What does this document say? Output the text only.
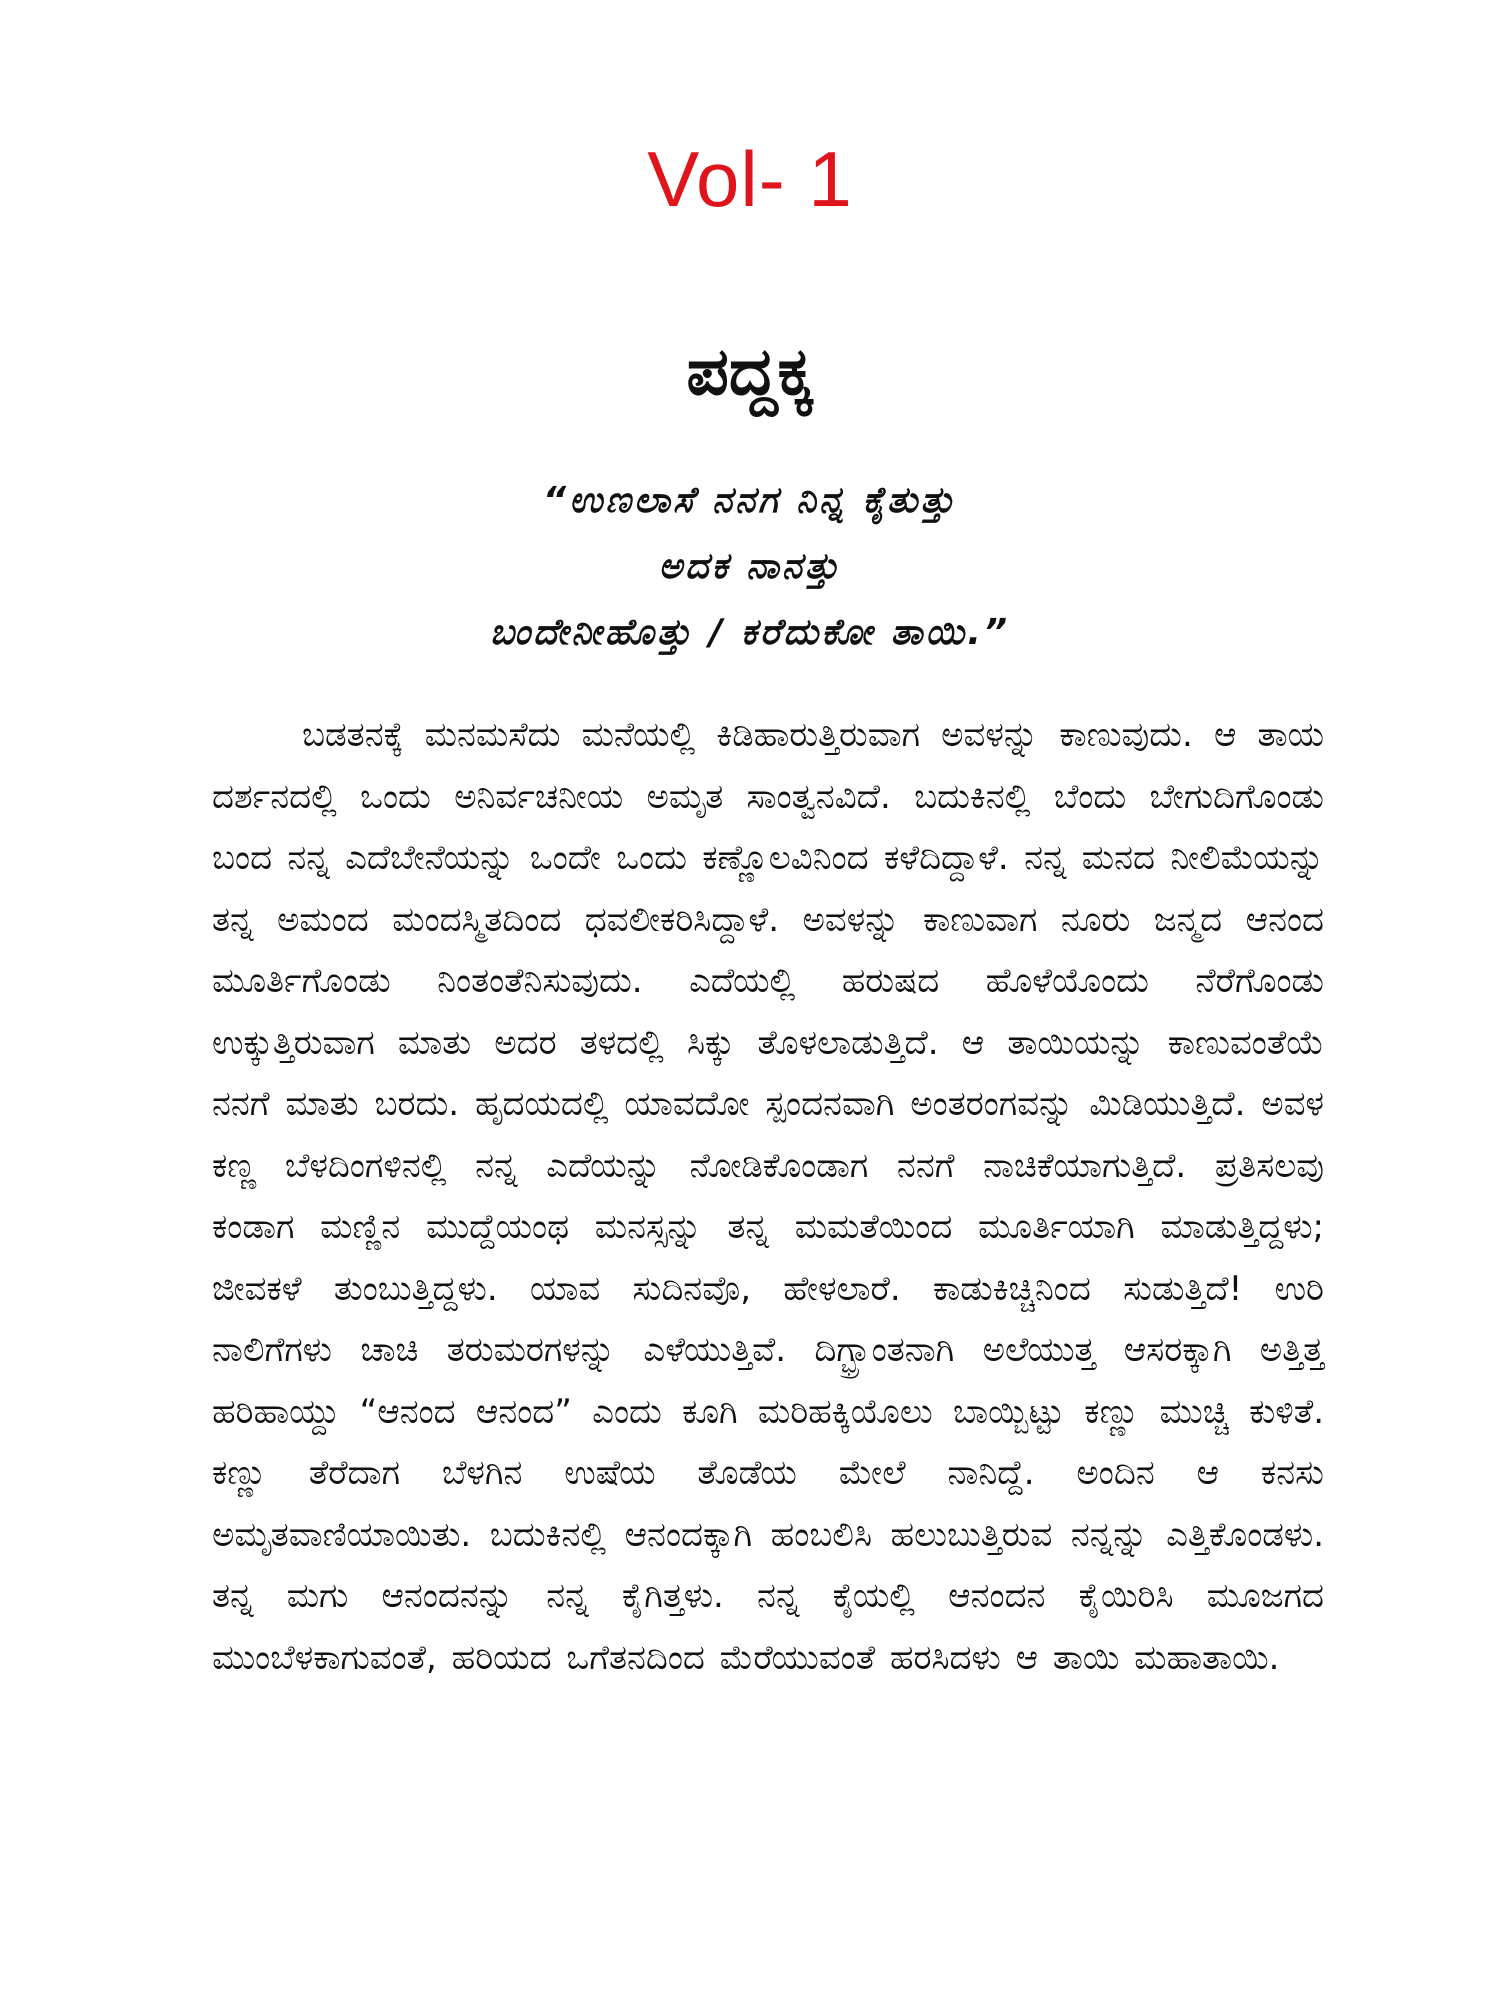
Vol- 1
ಪದ್ದಕ್ಕ
“ಉಣಲಾಸೆ ನನಗ ನಿನ್ನ ಕೈತುತ್ತು
ಅದಕ ನಾನತ್ತು
ಬಂದೇನೀಹೊತ್ತು / ಕರೆದುಕೋ ತಾಯಿ.”

ಬಡತನಕ್ಕೆ ಮನಮಸೆದು ಮನೆಯಲ್ಲಿ ಕಿಡಿಹಾರುತ್ತಿರುವಾಗ ಅವಳನ್ನು ಕಾಣುವುದು. ಆ ತಾಯ ದರ್ಶನದಲ್ಲಿ ಒಂದು ಅನಿರ್ವಚನೀಯ ಅಮೃತ ಸಾಂತ್ವನವಿದೆ. ಬದುಕಿನಲ್ಲಿ ಬೆಂದು ಬೇಗುದಿಗೊಂಡು ಬಂದ ನನ್ನ ಎದೆಬೇನೆಯನ್ನು ಒಂದೇ ಒಂದು ಕಣ್ಣೊಲವಿನಿಂದ ಕಳೆದಿದ್ದಾಳೆ. ನನ್ನ ಮನದ ನೀಲಿಮೆಯನ್ನು ತನ್ನ ಅಮಂದ ಮಂದಸ್ಮಿತದಿಂದ ಧವಲೀಕರಿಸಿದ್ದಾಳೆ. ಅವಳನ್ನು ಕಾಣುವಾಗ ನೂರು ಜನ್ಮದ ಆನಂದ ಮೂರ್ತಿಗೊಂಡು ನಿಂತಂತೆನಿಸುವುದು. ಎದೆಯಲ್ಲಿ ಹರುಷದ ಹೊಳೆಯೊಂದು ನೆರೆಗೊಂಡು ಉಕ್ಕುತ್ತಿರುವಾಗ ಮಾತು ಅದರ ತಳದಲ್ಲಿ ಸಿಕ್ಕು ತೊಳಲಾಡುತ್ತಿದೆ. ಆ ತಾಯಿಯನ್ನು ಕಾಣುವಂತೆಯೆ ನನಗೆ ಮಾತು ಬರದು. ಹೃದಯದಲ್ಲಿ ಯಾವದೋ ಸ್ಪಂದನವಾಗಿ ಅಂತರಂಗವನ್ನು ಮಿಡಿಯುತ್ತಿದೆ. ಅವಳ ಕಣ್ಣ ಬೆಳದಿಂಗಳಿನಲ್ಲಿ ನನ್ನ ಎದೆಯನ್ನು ನೋಡಿಕೊಂಡಾಗ ನನಗೆ ನಾಚಿಕೆಯಾಗುತ್ತಿದೆ. ಪ್ರತಿಸಲವು ಕಂಡಾಗ ಮಣ್ಣಿನ ಮುದ್ದೆಯಂಥ ಮನಸ್ಸನ್ನು ತನ್ನ ಮಮತೆಯಿಂದ ಮೂರ್ತಿಯಾಗಿ ಮಾಡುತ್ತಿದ್ದಳು; ಜೀವಕಳೆ ತುಂಬುತ್ತಿದ್ದಳು. ಯಾವ ಸುದಿನವೊ, ಹೇಳಲಾರೆ. ಕಾಡುಕಿಚ್ಚಿನಿಂದ ಸುಡುತ್ತಿದೆ! ಉರಿ ನಾಲಿಗೆಗಳು ಚಾಚಿ ತರುಮರಗಳನ್ನು ಎಳೆಯುತ್ತಿವೆ. ದಿಗ್ಭ್ರಾಂತನಾಗಿ ಅಲೆಯುತ್ತ ಆಸರಕ್ಕಾಗಿ ಅತ್ತಿತ್ತ ಹರಿಹಾಯ್ದು “ಆನಂದ ಆನಂದ” ಎಂದು ಕೂಗಿ ಮರಿಹಕ್ಕಿಯೊಲು ಬಾಯ್ಬಿಟ್ಟು ಕಣ್ಣು ಮುಚ್ಚಿ ಕುಳಿತೆ. ಕಣ್ಣು ತೆರೆದಾಗ ಬೆಳಗಿನ ಉಷೆಯ ತೊಡೆಯ ಮೇಲೆ ನಾನಿದ್ದೆ. ಅಂದಿನ ಆ ಕನಸು ಅಮೃತವಾಣಿಯಾಯಿತು. ಬದುಕಿನಲ್ಲಿ ಆನಂದಕ್ಕಾಗಿ ಹಂಬಲಿಸಿ ಹಲುಬುತ್ತಿರುವ ನನ್ನನ್ನು ಎತ್ತಿಕೊಂಡಳು. ತನ್ನ ಮಗು ಆನಂದನನ್ನು ನನ್ನ ಕೈಗಿತ್ತಳು. ನನ್ನ ಕೈಯಲ್ಲಿ ಆನಂದನ ಕೈಯಿರಿಸಿ ಮೂಜಗದ ಮುಂಬೆಳಕಾಗುವಂತೆ, ಹರಿಯದ ಒಗೆತನದಿಂದ ಮೆರೆಯುವಂತೆ ಹರಸಿದಳು ಆ ತಾಯಿ ಮಹಾತಾಯಿ.
